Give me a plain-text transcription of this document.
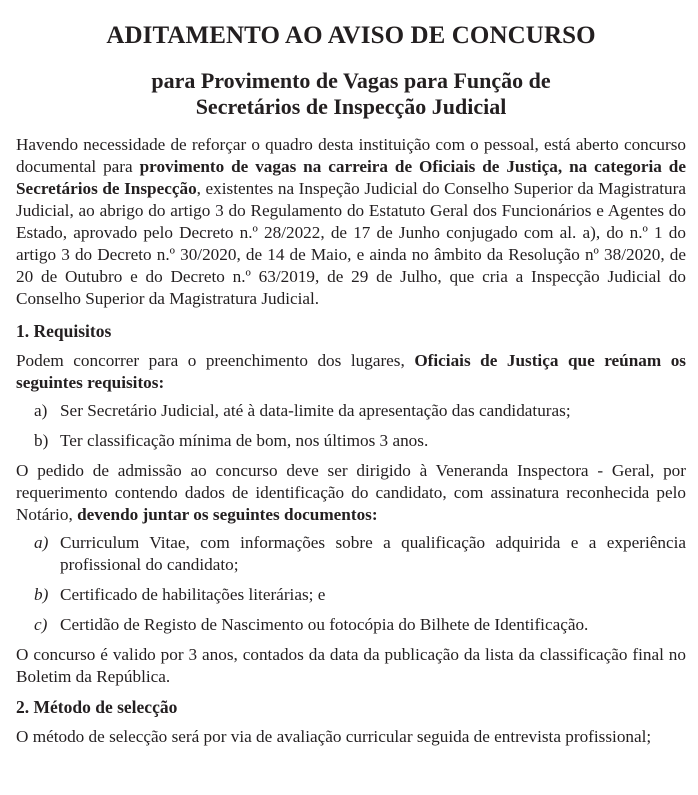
ADITAMENTO AO AVISO DE CONCURSO
para Provimento de Vagas para Função de
Secretários de Inspecção Judicial

Havendo necessidade de reforçar o quadro desta instituição com o pessoal, está aberto concurso documental para provimento de vagas na carreira de Oficiais de Justiça, na categoria de Secretários de Inspecção, existentes na Inspeção Judicial do Conselho Superior da Magistratura Judicial, ao abrigo do artigo 3 do Regulamento do Estatuto Geral dos Funcionários e Agentes do Estado, aprovado pelo Decreto n.º 28/2022, de 17 de Junho conjugado com al. a), do n.º 1 do artigo 3 do Decreto n.º 30/2020, de 14 de Maio, e ainda no âmbito da Resolução nº 38/2020, de 20 de Outubro e do Decreto n.º 63/2019, de 29 de Julho, que cria a Inspecção Judicial do Conselho Superior da Magistratura Judicial.

1. Requisitos

Podem concorrer para o preenchimento dos lugares, Oficiais de Justiça que reúnam os seguintes requisitos:

a) Ser Secretário Judicial, até à data-limite da apresentação das candidaturas;
b) Ter classificação mínima de bom, nos últimos 3 anos.

O pedido de admissão ao concurso deve ser dirigido à Veneranda Inspectora - Geral, por requerimento contendo dados de identificação do candidato, com assinatura reconhecida pelo Notário, devendo juntar os seguintes documentos:

a) Curriculum Vitae, com informações sobre a qualificação adquirida e a experiência profissional do candidato;
b) Certificado de habilitações literárias; e
c) Certidão de Registo de Nascimento ou fotocópia do Bilhete de Identificação.

O concurso é valido por 3 anos, contados da data da publicação da lista da classificação final no Boletim da República.

2. Método de selecção

O método de selecção será por via de avaliação curricular seguida de entrevista profissional;
